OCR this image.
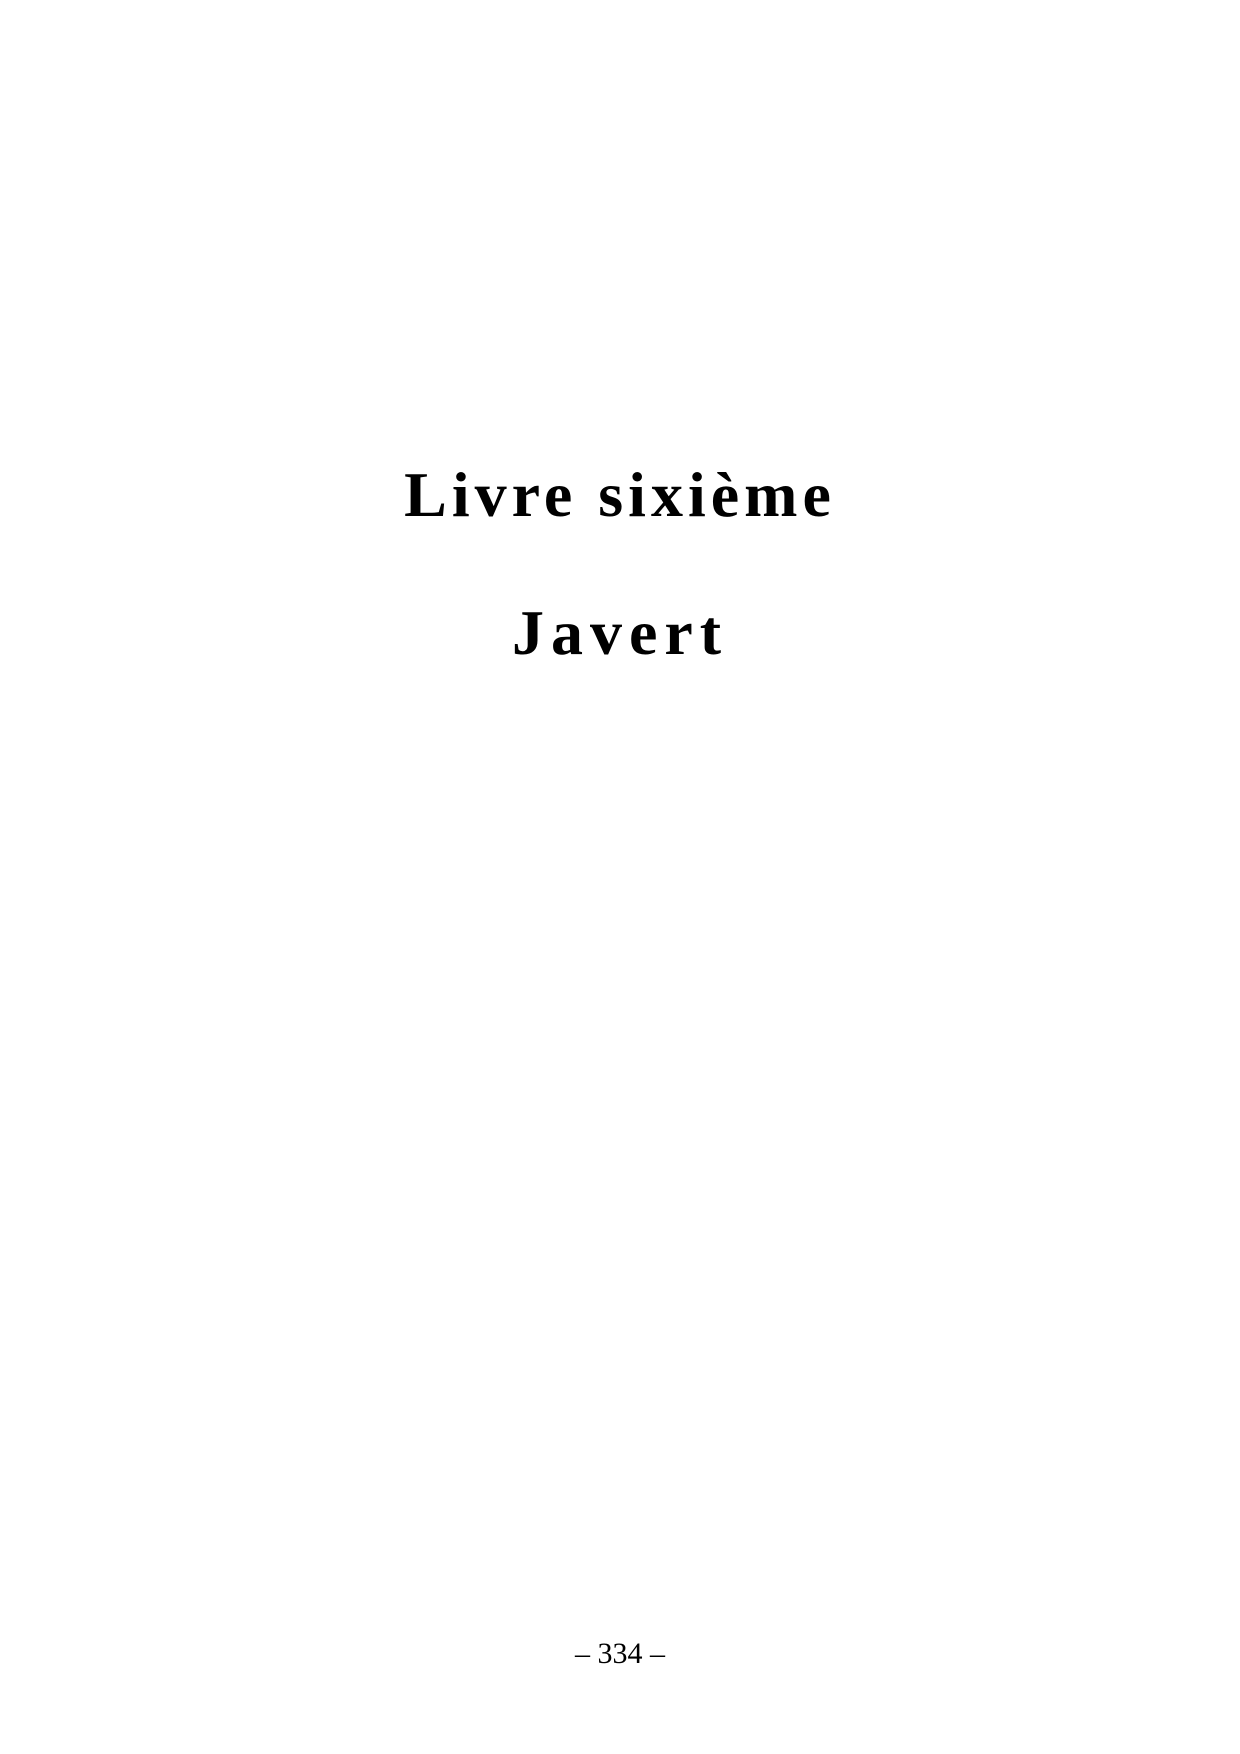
Livre sixième
Javert
– 334 –
